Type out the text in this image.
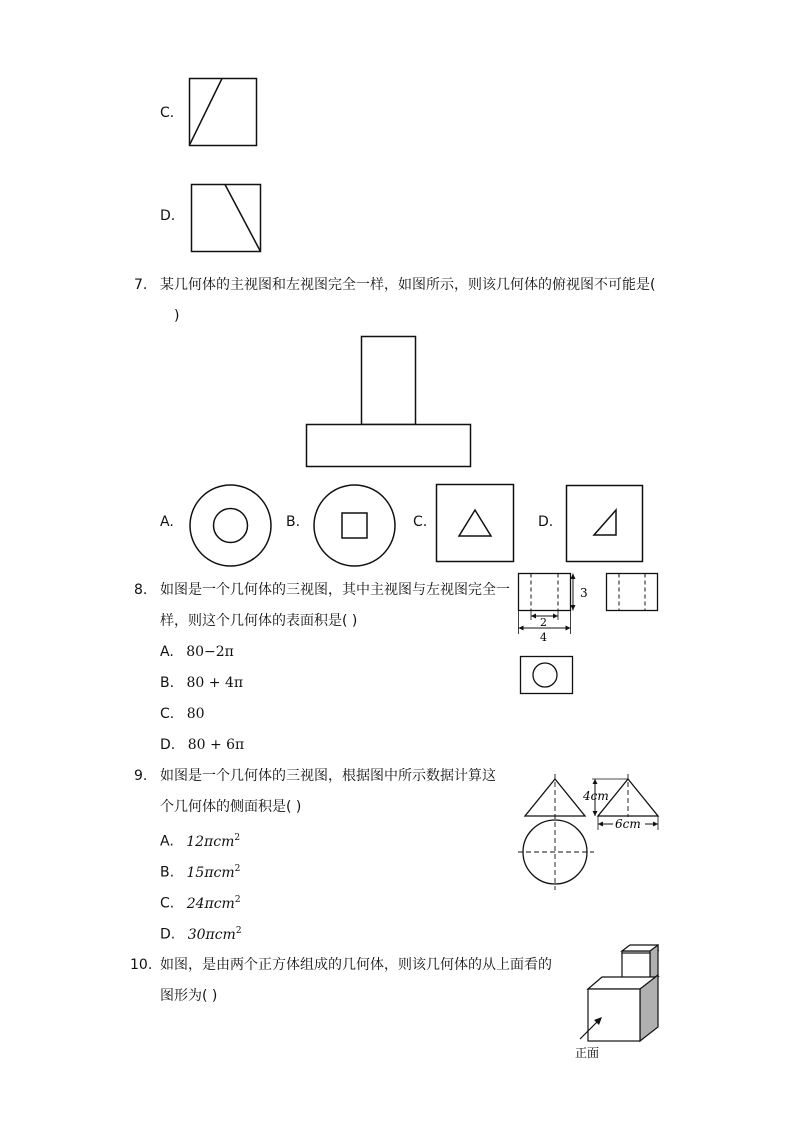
C.
D.
7. 某几何体的主视图和左视图完全一样，如图所示，则该几何体的俯视图不可能是(
)
A.	B.	C.	D.
8. 如图是一个几何体的三视图，其中主视图与左视图完全一
样，则这个几何体的表面积是( )
A. 80−2π
B. 80 + 4π
C. 80
D. 80 + 6π
3
2
4
9. 如图是一个几何体的三视图，根据图中所示数据计算这
个几何体的侧面积是( )
A. 12πcm$^2$
B. 15πcm$^2$
C. 24πcm$^2$
D. 30πcm$^2$
4cm
6cm
10. 如图，是由两个正方体组成的几何体，则该几何体的从上面看的
图形为( )
正面
